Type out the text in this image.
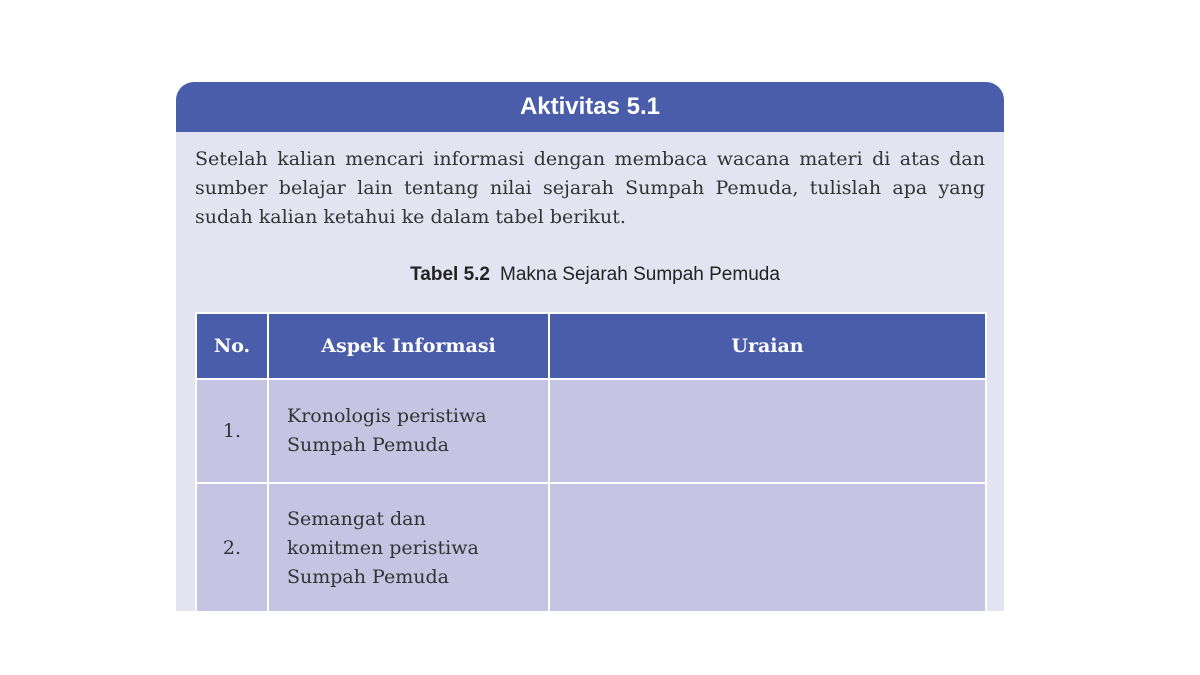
Aktivitas 5.1
Setelah kalian mencari informasi dengan membaca wacana materi di atas dan sumber belajar lain tentang nilai sejarah Sumpah Pemuda, tulislah apa yang sudah kalian ketahui ke dalam tabel berikut.
Tabel 5.2 Makna Sejarah Sumpah Pemuda
No.	Aspek Informasi	Uraian
1.	Kronologis peristiwa
Sumpah Pemuda	

2.	Semangat dan
komitmen peristiwa
Sumpah Pemuda	
